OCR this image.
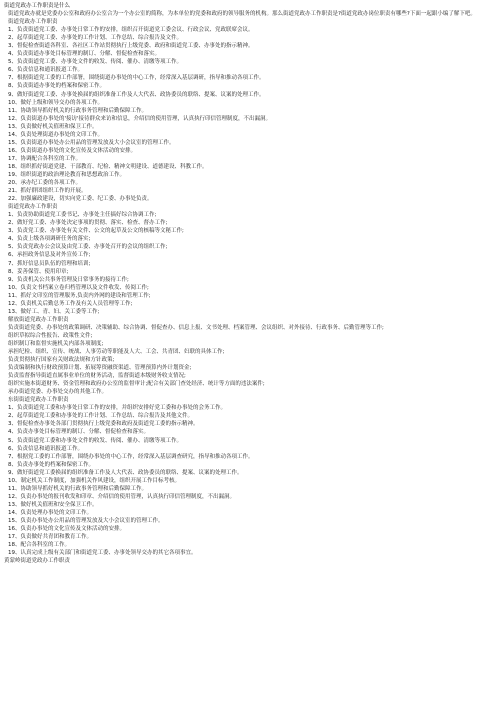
街道党政办工作职责是什么
街道党政办就是党委办公室和政府办公室合为一个办公室的简称，为本单位的党委和政府的领导服务的机构。那么街道党政办工作职责是?街道党政办岗位职责有哪些?下面一起跟小编了解下吧。
街道党政办工作职责
1、负责街道党工委、办事处日常工作的安排，组织召开街道党工委会议、行政会议、党政联席会议。
2、起草街道党工委、办事处的工作计划、工作总结、综合报告及文件。
3、督促检查街道各科室、各社区工作站贯彻执行上级党委、政府和街道党工委、办事处的指示精神。
4、负责街道办事处目标管理的制订、分解、督促检查和落实。
5、负责街道党工委、办事处文件的收发、传阅、催办、清缴等项工作。
6、负责信息和通讯报道工作。
7、根据街道党工委的工作部署，围绕街道办事处的中心工作，经常深入基层调研，指导和推动各项工作。
8、负责街道办事处的档案和保密工作。
9、做好街道党工委、办事处换届的组织准备工作及人大代表、政协委员的联络、提案、议案的处理工作。
10、做好上级和领导交办的各项工作。
11、协助领导抓好机关的行政事务管理和后勤保障工作。
12、负责街道办事处的'接访'接待群众来访和信息，介绍信的使用管理，认真执行印信管理制度，不出漏洞。
13、负责做好机关值班和保卫工作。
14、负责处理街道办事处的文印工作。
15、负责街道办事处办公用品的管理发放及大小会议室的管理工作。
16、负责街道办事处的文化宣传及文体活动的安排。
17、协调配合各科室的工作。
18、组织抓好街道党建、干部教育、纪检、精神文明建设、道德建设、科教工作。
19、组织街道的政治理论教育和思想政治工作。
20、承办纪工委的各项工作。
21、抓好群团组织工作的开展。
22、加强廉政建设，切实向党工委、纪工委、办事处负责。
街道党政办工作职责
1、负责协助街道党工委书记、办事处主任搞好综合协调工作;
2、做好党工委、办事处决定事项的贯彻、落实、检查、督办工作;
3、负责党工委、办事处有关文件、公文的起草及公文的核稿等文秘工作;
4、负责上级各项调研任务的落实;
5、负责党政办公会议及由党工委、办事处召开的会议的组织工作;
6、承担政务信息及对外宣传工作;
7、抓好信息员队伍的管理和培训;
8、妥善保管、使用印章;
9、负责机关公共事务管理及日常事务的接待工作;
10、负责文书档案立卷归档管理以及文件收发、传阅工作;
11、抓好文印室的管理服务,负责内外网的建设和管理工作;
12、负责机关后勤总务工作及有关人员管理等工作;
13、做好工、青、妇、关工委等工作;
解放街道党政办工作职责
负责街道党委、办事处的政策调研、决策辅助、综合协调、督促查办、信息上报、文书处理、档案管理、会议组织、对外接待、行政事务、后勤管理等工作;
组织草拟综合性报告、政策性文件;
组织制订和监督实施机关内部各项制度;
承担纪检、组织、宣传、统战、人事劳动等职能及人大、工会、共青团、妇联的具体工作;
负责贯彻执行国家有关财政法规和方针政策;
负责编制和执行财政预算计划、拓展筹资融资渠道、管理预算内外计划资金;
负责监督指导街道直属事业单位的财务活动，监督街道本级财务收支情况;
组织实施本街道财务、资金管理和政府办公室的监督审计;配合有关部门查处经济、统计等方面的违法案件;
承办街道党委、办事处交办的其他工作。
东街街道党政办工作职责
1、负责街道党工委和办事处日常工作的安排，并组织安排好党工委和办事处的会务工作。
2、起草街道党工委和办事处的工作计划、工作总结、综合报告及其他文件。
3、督促检查办事处各部门贯彻执行上级党委和政府及街道党工委的指示精神。
4、负责办事处目标管理的制订、分解、督促检查和落实。
5、负责街道党工委和办事处文件的收发、传阅、催办、清缴等项工作。
6、负责信息和通讯报道工作。
7、根据党工委的工作部署，围绕办事处的中心工作，经常深入基层调查研究，指导和推动各项工作。
8、负责办事处的档案和保密工作。
9、做好街道党工委换届的组织准备工作及人大代表、政协委员的联络、提案、议案的处理工作。
10、制定机关工作制度，加强机关作风建设，组织开展工作目标考核。
11、协助领导抓好机关的行政事务管理和后勤保障工作。
12、负责办事处的报刊收发和印章、介绍信的使用管理，认真执行印信管理制度，不出漏洞。
13、做好机关值班和安全保卫工作。
14、负责处理办事处的文印工作。
15、负责办事处办公用品的管理发放及大小会议室的管理工作。
16、负责办事处的文化宣传及文体活动的安排。
17、负责做好共青团和教育工作。
18、配合各科室的工作。
19、认真完成上级有关部门和街道党工委、办事处领导交办的其它各项事宜。
黄蒙岭街道党政办工作职责
